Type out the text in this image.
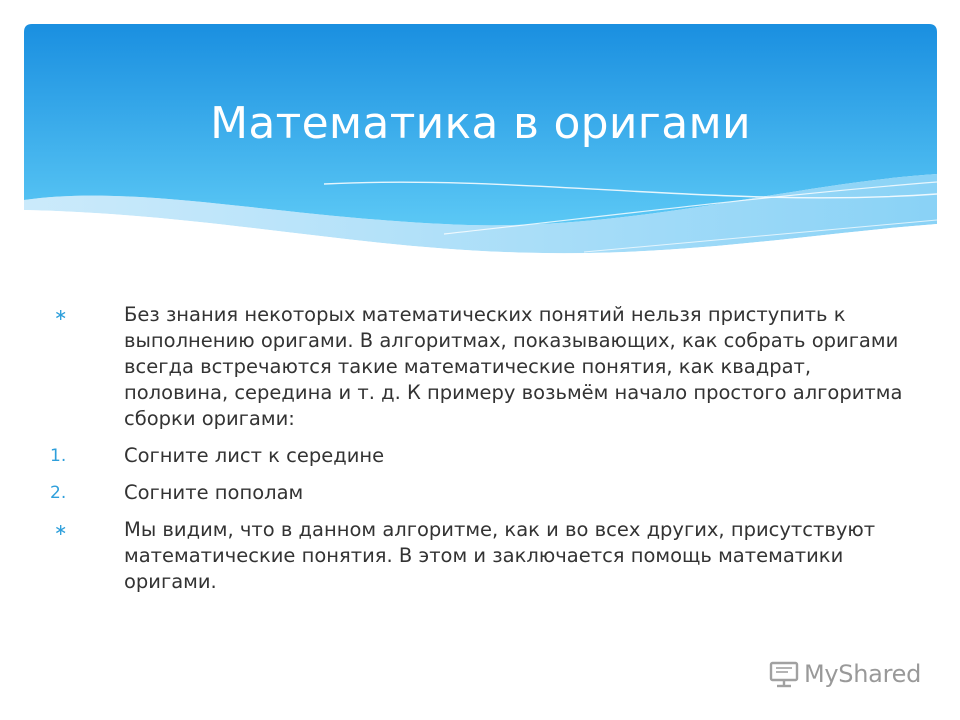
Математика в оригами
∗	Без знания некоторых математических понятий нельзя приступить к выполнению оригами. В алгоритмах, показывающих, как собрать оригами всегда встречаются такие математические понятия, как квадрат, половина, середина и т. д. К примеру возьмём начало простого алгоритма сборки оригами:
1.	Согните лист к середине
2.	Согните пополам
∗	Мы видим, что в данном алгоритме, как и во всех других, присутствуют математические понятия. В этом и заключается помощь математики оригами.
MyShared
